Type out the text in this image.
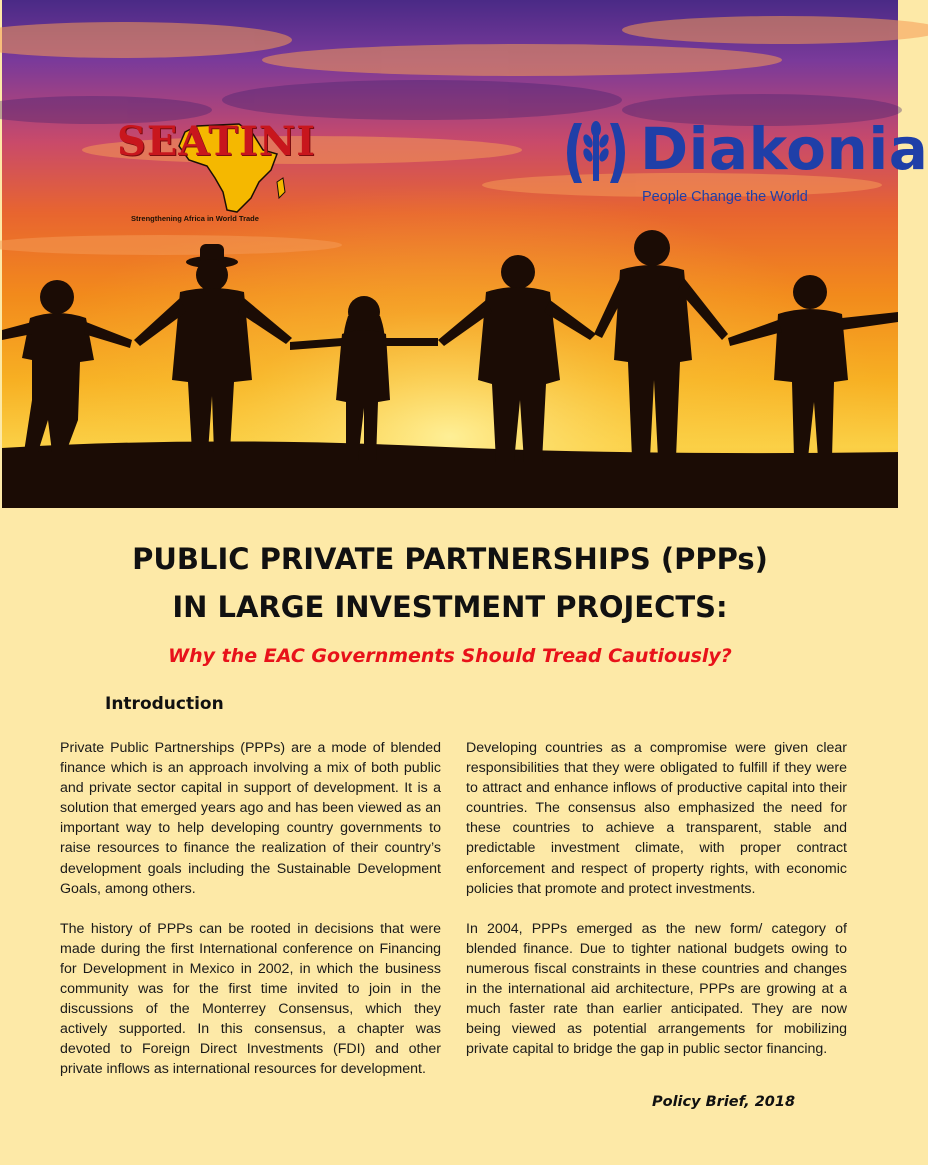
SEATINI
Strengthening Africa in World Trade
Diakonia
People Change the World
PUBLIC PRIVATE PARTNERSHIPS (PPPs)
IN LARGE INVESTMENT PROJECTS:
Why the EAC Governments Should Tread Cautiously?
Introduction

Private Public Partnerships (PPPs) are a mode of blended finance which is an approach involving a mix of both public and private sector capital in support of development. It is a solution that emerged years ago and has been viewed as an important way to help developing country governments to raise resources to finance the realization of their country’s development goals including the Sustainable Development Goals, among others.

The history of PPPs can be rooted in decisions that were made during the first International conference on Financing for Development in Mexico in 2002, in which the business community was for the first time invited to join in the discussions of the Monterrey Consensus, which they actively supported. In this consensus, a chapter was devoted to Foreign Direct Investments (FDI) and other private inflows as international resources for development.

Developing countries as a compromise were given clear responsibilities that they were obligated to fulfill if they were to attract and enhance inflows of productive capital into their countries. The consensus also emphasized the need for these countries to achieve a transparent, stable and predictable investment climate, with proper contract enforcement and respect of property rights, with economic policies that promote and protect investments.

In 2004, PPPs emerged as the new form/ category of blended finance. Due to tighter national budgets owing to numerous fiscal constraints in these countries and changes in the international aid architecture, PPPs are growing at a much faster rate than earlier anticipated. They are now being viewed as potential arrangements for mobilizing private capital to bridge the gap in public sector financing.

Policy Brief, 2018
